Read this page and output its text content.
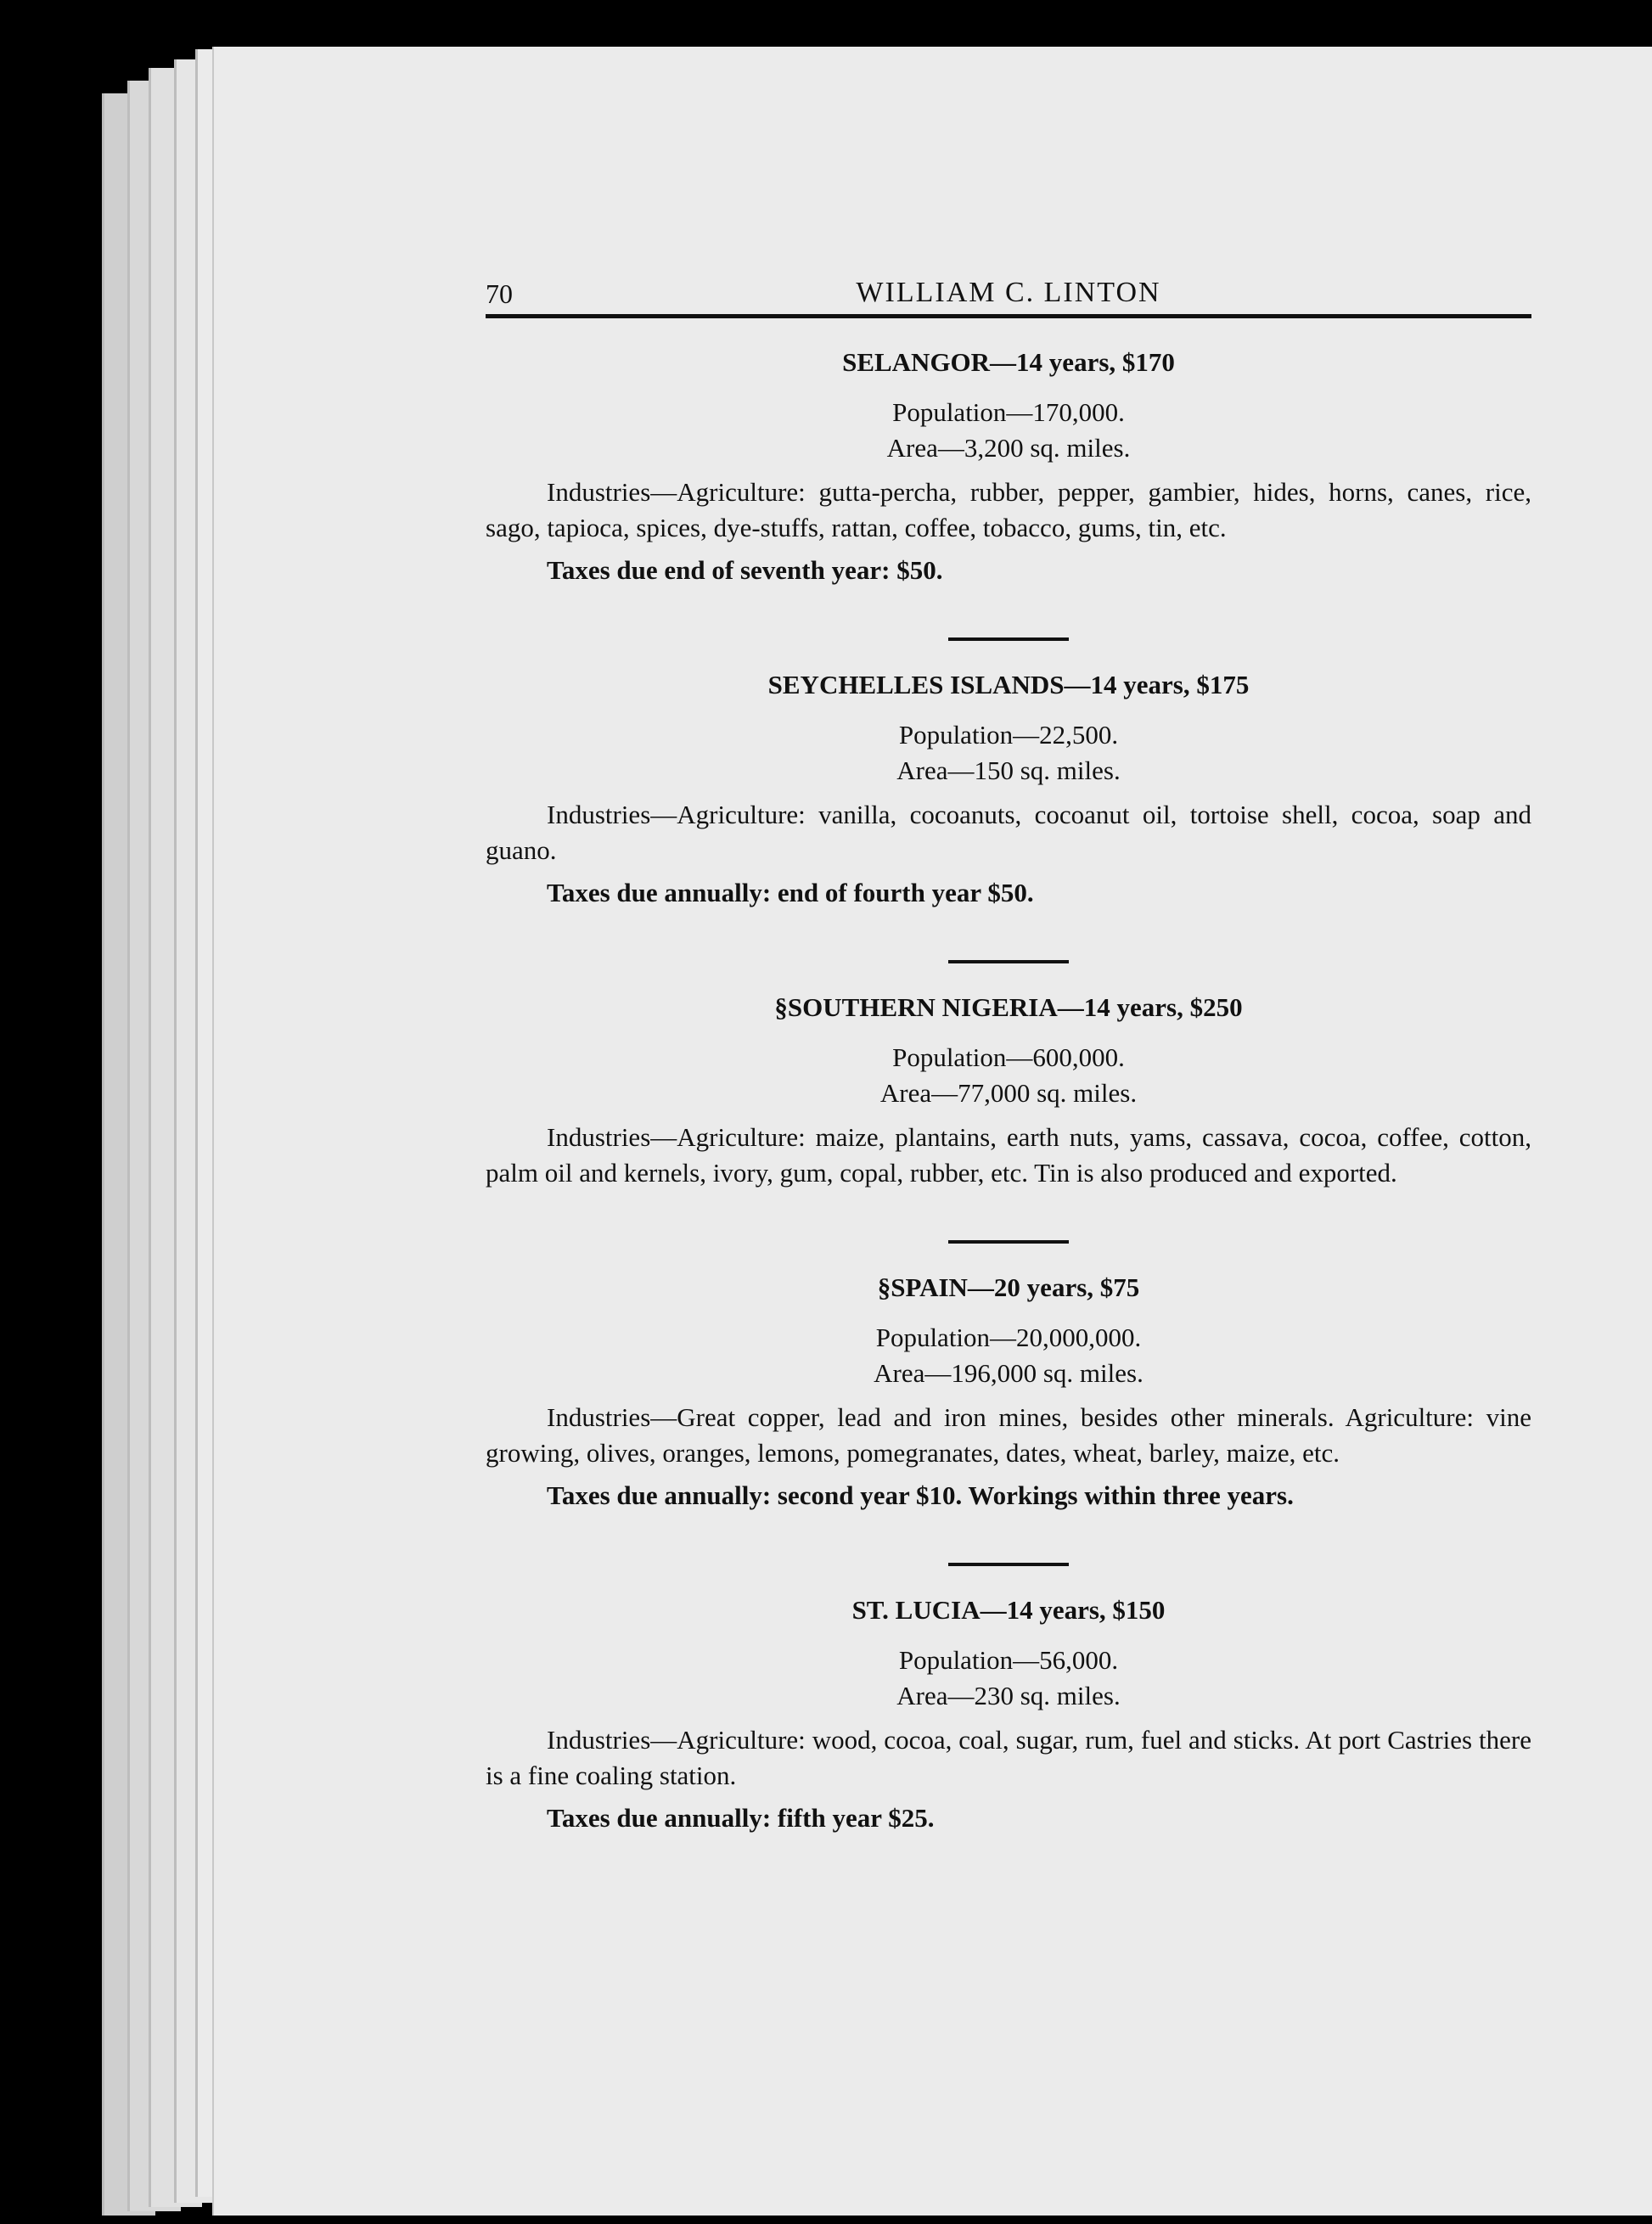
70	WILLIAM C. LINTON
SELANGOR—14 years, $170
Population—170,000.
Area—3,200 sq. miles.
Industries—Agriculture: gutta-percha, rubber, pepper, gambier, hides, horns, canes, rice, sago, tapioca, spices, dye-stuffs, rattan, coffee, tobacco, gums, tin, etc.
Taxes due end of seventh year: $50.
SEYCHELLES ISLANDS—14 years, $175
Population—22,500.
Area—150 sq. miles.
Industries—Agriculture: vanilla, cocoanuts, cocoanut oil, tortoise shell, cocoa, soap and guano.
Taxes due annually: end of fourth year $50.
§SOUTHERN NIGERIA—14 years, $250
Population—600,000.
Area—77,000 sq. miles.
Industries—Agriculture: maize, plantains, earth nuts, yams, cassava, cocoa, coffee, cotton, palm oil and kernels, ivory, gum, copal, rubber, etc. Tin is also produced and exported.
§SPAIN—20 years, $75
Population—20,000,000.
Area—196,000 sq. miles.
Industries—Great copper, lead and iron mines, besides other minerals. Agriculture: vine growing, olives, oranges, lemons, pomegranates, dates, wheat, barley, maize, etc.
Taxes due annually: second year $10. Workings within three years.
ST. LUCIA—14 years, $150
Population—56,000.
Area—230 sq. miles.
Industries—Agriculture: wood, cocoa, coal, sugar, rum, fuel and sticks. At port Castries there is a fine coaling station.
Taxes due annually: fifth year $25.
